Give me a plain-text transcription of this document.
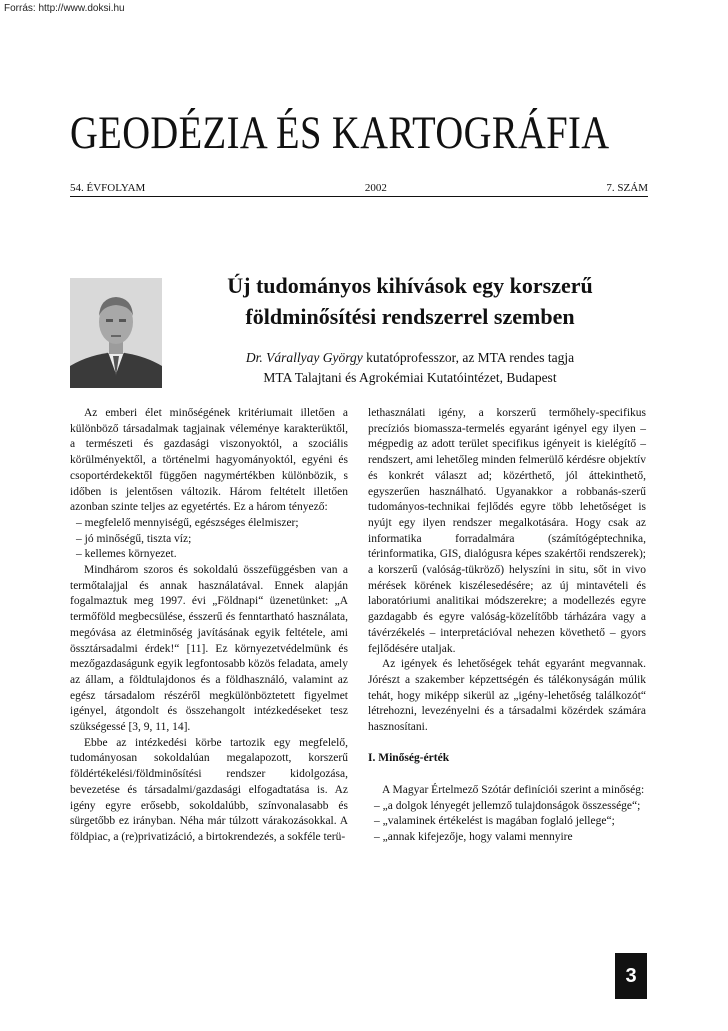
Forrás: http://www.doksi.hu
GEODÉZIA ÉS KARTOGRÁFIA
54. ÉVFOLYAM	2002	7. SZÁM
Új tudományos kihívások egy korszerű
földminősítési rendszerrel szemben
Dr. Várallyay György kutatóprofesszor, az MTA rendes tagja
MTA Talajtani és Agrokémiai Kutatóintézet, Budapest

Az emberi élet minőségének kritériumait illetően a különböző társadalmak tagjainak véleménye karakterüktől, a természeti és gazdasági viszonyoktól, a szociális körülményektől, a történelmi hagyományoktól, egyéni és csoportérdekektől függően nagymértékben különbözik, s időben is jelentősen változik. Három feltételt illetően azonban szinte teljes az egyetértés. Ez a három tényező:

– megfelelő mennyiségű, egészséges élelmiszer;

– jó minőségű, tiszta víz;

– kellemes környezet.

Mindhárom szoros és sokoldalú összefüggésben van a termőtalajjal és annak használatával. Ennek alapján fogalmaztuk meg 1997. évi „Földnapi“ üzenetünket: „A termőföld megbecsülése, ésszerű és fenntartható használata, megóvása az életminőség javításának egyik feltétele, ami össztársadalmi érdek!“ [11]. Ez környezetvédelmünk és mezőgazdaságunk egyik legfontosabb közös feladata, amely az állam, a földtulajdonos és a földhasználó, valamint az egész társadalom részéről megkülönböztetett figyelmet igényel, átgondolt és összehangolt intézkedéseket tesz szükségessé [3, 9, 11, 14].

Ebbe az intézkedési körbe tartozik egy megfelelő, tudományosan sokoldalúan megalapozott, korszerű földértékelési/földminősítési rendszer kidolgozása, bevezetése és társadalmi/gazdasági elfogadtatása is. Az igény egyre erősebb, sokoldalúbb, színvonalasabb és sürgetőbb ez irányban. Néha már túlzott várakozásokkal. A földpiac, a (re)privatizáció, a birtokrendezés, a sokféle terü-

lethasználati igény, a korszerű termőhely-specifikus precíziós biomassza-termelés egyaránt igényel egy ilyen – mégpedig az adott terület specifikus igényeit is kielégítő – rendszert, ami lehetőleg minden felmerülő kérdésre objektív és konkrét választ ad; közérthető, jól áttekinthető, egyszerűen használható. Ugyanakkor a robbanás-szerű tudományos-technikai fejlődés egyre több lehetőséget is nyújt egy ilyen rendszer megalkotására. Hogy csak az informatika forradalmára (számítógéptechnika, térinformatika, GIS, dialógusra képes szakértői rendszerek); a korszerű (valóság-tükröző) helyszíni in situ, sőt in vivo mérések körének kiszélesedésére; az új mintavételi és laboratóriumi analitikai módszerekre; a modellezés egyre gazdagabb és egyre valóság-közelítőbb tárházára vagy a távérzékelés – interpretációval nehezen követhető – gyors fejlődésére utaljak.

Az igények és lehetőségek tehát egyaránt megvannak. Jórészt a szakember képzettségén és tálékonyságán múlik tehát, hogy miképp sikerül az „igény-lehetőség találkozót“ létrehozni, levezényelni és a társadalmi közérdek számára hasznosítani.

I. Minőség-érték

A Magyar Értelmező Szótár definíciói szerint a minőség:

– „a dolgok lényegét jellemző tulajdonságok összessége“;

– „valaminek értékelést is magában foglaló jellege“;

– „annak kifejezője, hogy valami mennyire

3
